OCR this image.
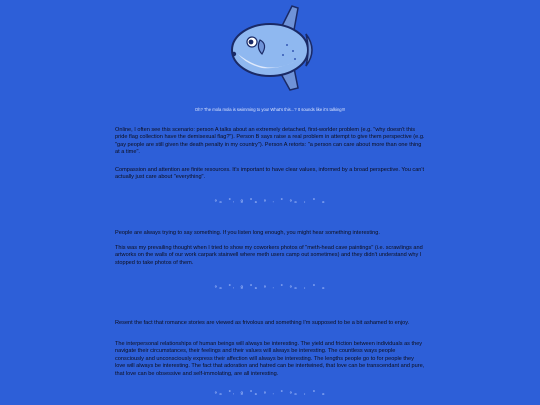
Oh? The mola mola is swimming to you! What's this...? It sounds like it's talking!!!

Online, I often see this scenario: person A talks about an extremely detached, first-worlder problem (e.g. "why doesn't this pride flag collection have the demisexual flag?"). Person B says raise a real problem in attempt to give them perspective (e.g. "gay people are still given the death penalty in my country"). Person A retorts: "a person can care about more than one thing at a time".

Compassion and attention are finite resources. It's important to have clear values, informed by a broad perspective. You can't actually just care about "everything".

People are always trying to say something. If you listen long enough, you might hear something interesting.

This was my prevailing thought when I tried to show my coworkers photos of "meth-head cave paintings" (i.e. scrawlings and artworks on the walls of our work carpark stairwell where meth users camp out sometimes) and they didn't understand why I stopped to take photos of them.

Resent the fact that romance stories are viewed as frivolous and something I'm supposed to be a bit ashamed to enjoy.

The interpersonal relationships of human beings will always be interesting. The yield and friction between individuals as they navigate their circumstances, their feelings and their values will always be interesting. The countless ways people consciously and unconsciously express their affection will always be interesting. The lengths people go to for people they love will always be interesting. The fact that adoration and hatred can be intertwined, that love can be transcendant and pure, that love can be obsessive and self-immolating, are all interesting.

°∘ ˚‧ º ˚∘ ° ‧ ˚ °∘ · ˚ ∘
°∘ ˚‧ º ˚∘ ° ‧ ˚ °∘ · ˚ ∘
°∘ ˚‧ º ˚∘ ° ‧ ˚ °∘ · ˚ ∘
